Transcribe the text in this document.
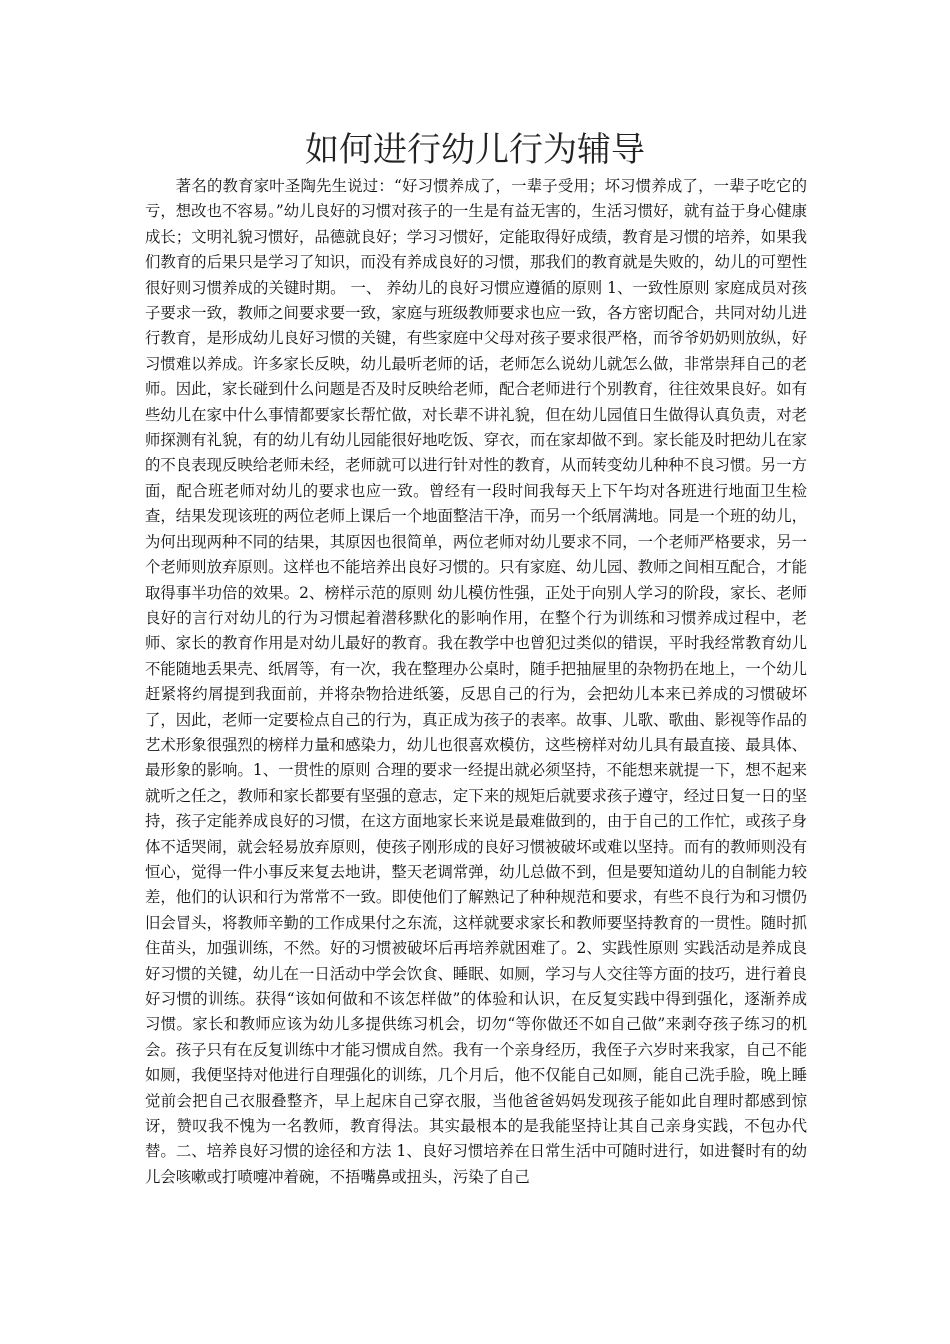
如何进行幼儿行为辅导

著名的教育家叶圣陶先生说过：“好习惯养成了，一辈子受用；坏习惯养成了，一辈子吃它的亏，想改也不容易。”幼儿良好的习惯对孩子的一生是有益无害的，生活习惯好，就有益于身心健康成长；文明礼貌习惯好，品德就良好；学习习惯好，定能取得好成绩，教育是习惯的培养，如果我们教育的后果只是学习了知识，而没有养成良好的习惯，那我们的教育就是失败的，幼儿的可塑性很好则习惯养成的关键时期。 一、 养幼儿的良好习惯应遵循的原则 1、一致性原则 家庭成员对孩子要求一致，教师之间要求要一致，家庭与班级教师要求也应一致，各方密切配合，共同对幼儿进行教育，是形成幼儿良好习惯的关键，有些家庭中父母对孩子要求很严格，而爷爷奶奶则放纵，好习惯难以养成。许多家长反映，幼儿最听老师的话，老师怎么说幼儿就怎么做，非常崇拜自己的老师。因此，家长碰到什么问题是否及时反映给老师，配合老师进行个别教育，往往效果良好。如有些幼儿在家中什么事情都要家长帮忙做，对长辈不讲礼貌，但在幼儿园值日生做得认真负责，对老师探测有礼貌，有的幼儿有幼儿园能很好地吃饭、穿衣，而在家却做不到。家长能及时把幼儿在家的不良表现反映给老师未经，老师就可以进行针对性的教育，从而转变幼儿种种不良习惯。另一方面，配合班老师对幼儿的要求也应一致。曾经有一段时间我每天上下午均对各班进行地面卫生检查，结果发现该班的两位老师上课后一个地面整洁干净，而另一个纸屑满地。同是一个班的幼儿，为何出现两种不同的结果，其原因也很简单，两位老师对幼儿要求不同，一个老师严格要求，另一个老师则放弃原则。这样也不能培养出良好习惯的。只有家庭、幼儿园、教师之间相互配合，才能取得事半功倍的效果。2、榜样示范的原则 幼儿模仿性强，正处于向别人学习的阶段，家长、老师良好的言行对幼儿的行为习惯起着潜移默化的影响作用，在整个行为训练和习惯养成过程中，老师、家长的教育作用是对幼儿最好的教育。我在教学中也曾犯过类似的错误，平时我经常教育幼儿不能随地丢果壳、纸屑等，有一次，我在整理办公桌时，随手把抽屉里的杂物扔在地上，一个幼儿赶紧将约屑提到我面前，并将杂物拾进纸篓，反思自己的行为，会把幼儿本来已养成的习惯破坏了，因此，老师一定要检点自己的行为，真正成为孩子的表率。故事、儿歌、歌曲、影视等作品的艺术形象很强烈的榜样力量和感染力，幼儿也很喜欢模仿，这些榜样对幼儿具有最直接、最具体、最形象的影响。1、一贯性的原则 合理的要求一经提出就必须坚持，不能想来就提一下，想不起来就听之任之，教师和家长都要有坚强的意志，定下来的规矩后就要求孩子遵守，经过日复一日的坚持，孩子定能养成良好的习惯，在这方面地家长来说是最难做到的，由于自己的工作忙，或孩子身体不适哭闹，就会轻易放弃原则，使孩子刚形成的良好习惯被破坏或难以坚持。而有的教师则没有恒心，觉得一件小事反来复去地讲，整天老调常弹，幼儿总做不到，但是要知道幼儿的自制能力较差，他们的认识和行为常常不一致。即使他们了解熟记了种种规范和要求，有些不良行为和习惯仍旧会冒头，将教师辛勤的工作成果付之东流，这样就要求家长和教师要坚持教育的一贯性。随时抓住苗头，加强训练，不然。好的习惯被破坏后再培养就困难了。2、实践性原则 实践活动是养成良好习惯的关键，幼儿在一日活动中学会饮食、睡眠、如厕，学习与人交往等方面的技巧，进行着良好习惯的训练。获得“该如何做和不该怎样做”的体验和认识，在反复实践中得到强化，逐渐养成习惯。家长和教师应该为幼儿多提供练习机会，切勿“等你做还不如自己做”来剥夺孩子练习的机会。孩子只有在反复训练中才能习惯成自然。我有一个亲身经历，我侄子六岁时来我家，自己不能如厕，我便坚持对他进行自理强化的训练，几个月后，他不仅能自己如厕，能自己洗手脸，晚上睡觉前会把自己衣服叠整齐，早上起床自己穿衣服，当他爸爸妈妈发现孩子能如此自理时都感到惊讶，赞叹我不愧为一名教师，教育得法。其实最根本的是我能坚持让其自己亲身实践，不包办代替。二、培养良好习惯的途径和方法 1、良好习惯培养在日常生活中可随时进行，如进餐时有的幼儿会咳嗽或打喷嚏冲着碗，不捂嘴鼻或扭头，污染了自己
